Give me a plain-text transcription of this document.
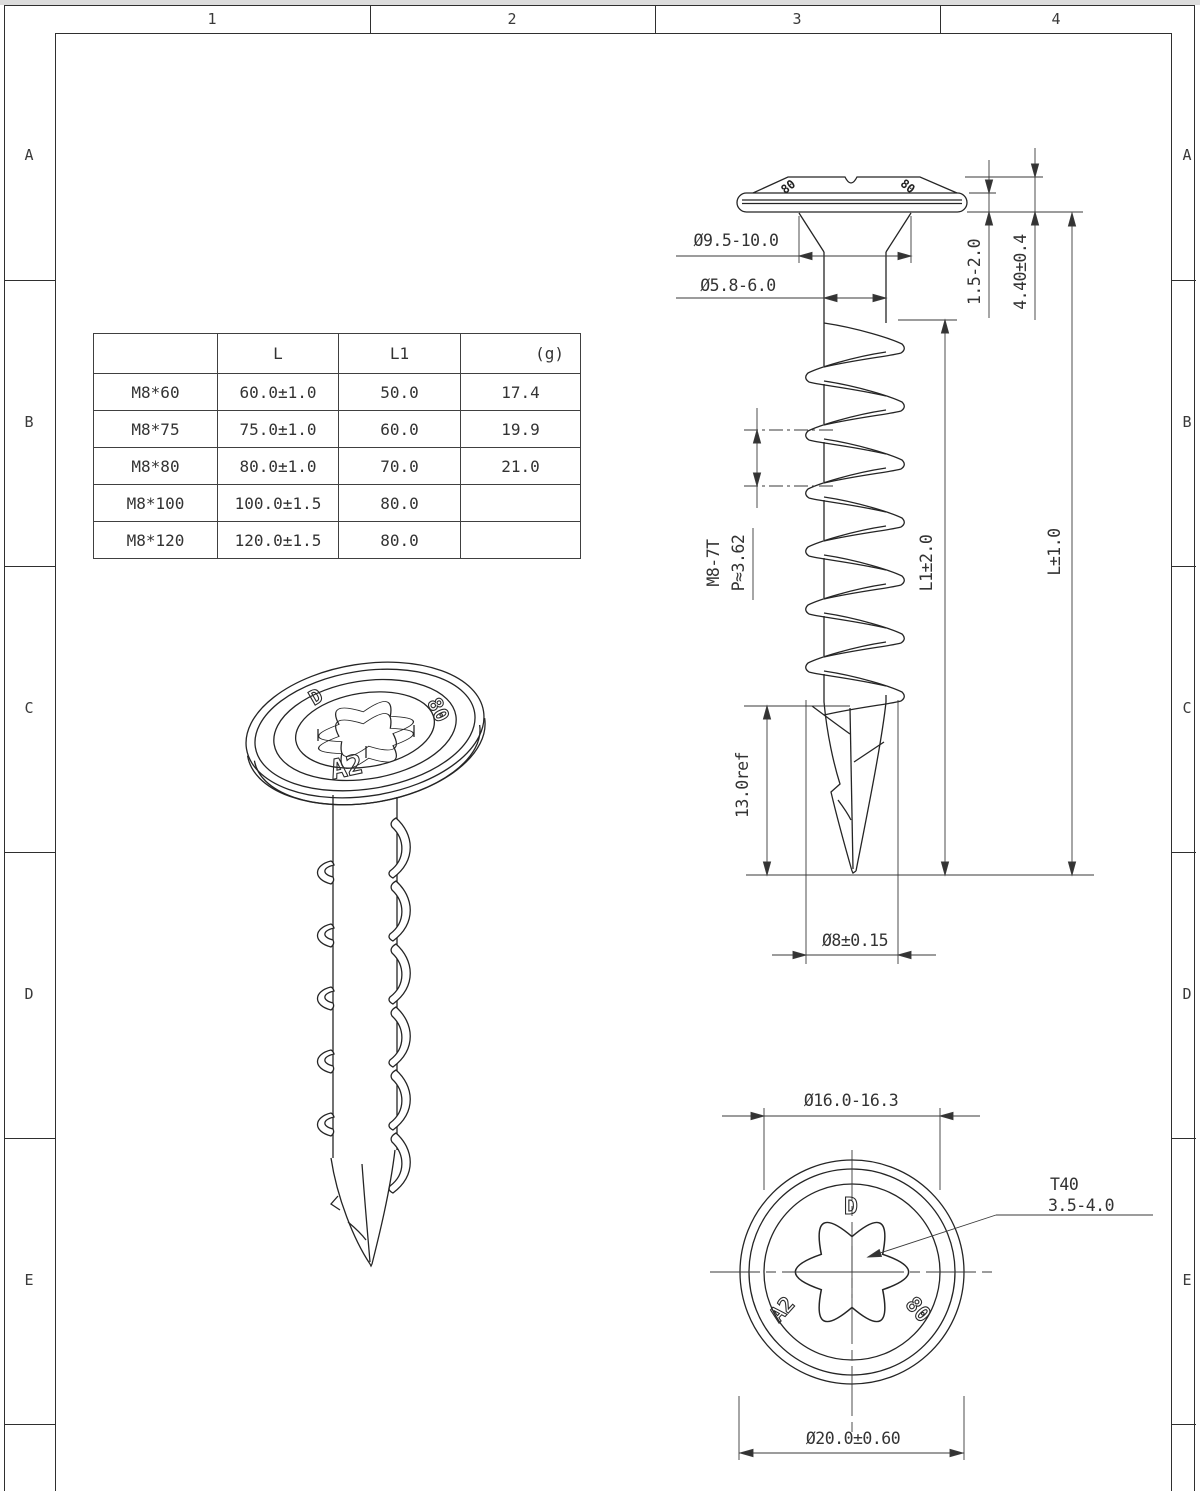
1	2	3	4
A
B
C
D
E
A
B
C
D
E
	L	L1	(g)
M8*60	60.0±1.0	50.0	17.4
M8*75	75.0±1.0	60.0	19.9
M8*80	80.0±1.0	70.0	21.0
M8*100	100.0±1.5	80.0	
M8*120	120.0±1.5	80.0	
80	80
Ø9.5-10.0
Ø5.8-6.0	1.5-2.0 4.40±0.4
M8-7T P≈3.62	L1±2.0	L±1.0
13.0ref
Ø8±0.15
D	80
A2
D
A2	80
Ø16.0-16.3
T40
3.5-4.0
Ø20.0±0.60
